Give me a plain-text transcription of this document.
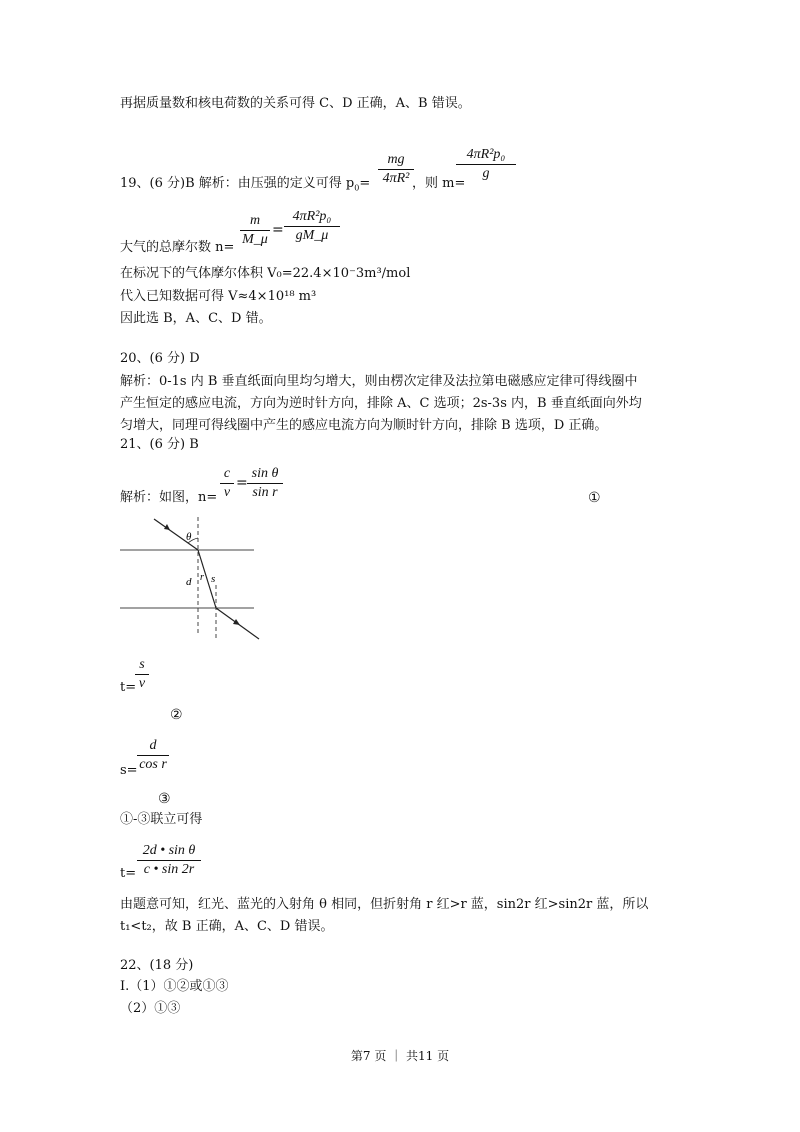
再据质量数和核电荷数的关系可得 C、D 正确，A、B 错误。
19、(6 分)B 解析：由压强的定义可得 $p_0= \frac{mg}{\text{4πR²}}$
，则 m=
$\frac{\text{4πR²p₀}}{g}$
大气的总摩尔数 $n= \frac{m}{M\_\mu} = \frac{\text{4πR²p₀}}{gM\_\mu}$
在标况下的气体摩尔体积 V₀=22.4×10⁻3m³/mol
代入已知数据可得 V≈4×10¹⁸ m³
因此选 B，A、C、D 错。
20、(6 分) D
解析：0-1s 内 B 垂直纸面向里均匀增大，则由楞次定律及法拉第电磁感应定律可得线圈中
产生恒定的感应电流，方向为逆时针方向，排除 A、C 选项；2s-3s 内，B 垂直纸面向外均
匀增大，同理可得线圈中产生的感应电流方向为顺时针方向，排除 B 选项，D 正确。
21、(6 分) B
解析：如图，$n= \frac{c}{v} = \frac{\text{sin θ}}{\text{sin r}}$	①
θ
d r s
t=
$\frac{s}{v}$
②
$s= \frac{d}{\text{cos r}}$
③
①-③联立可得
$t= \frac{\text{2d • sin θ}}{c • \sin 2r}$
由题意可知，红光、蓝光的入射角 θ 相同，但折射角 r 红>r 蓝，sin2r 红>sin2r 蓝，所以
t₁<t₂，故 B 正确，A、C、D 错误。
22、(18 分)
Ⅰ.（1）①②或①③
（2）①③
第7 页 ｜ 共11 页
